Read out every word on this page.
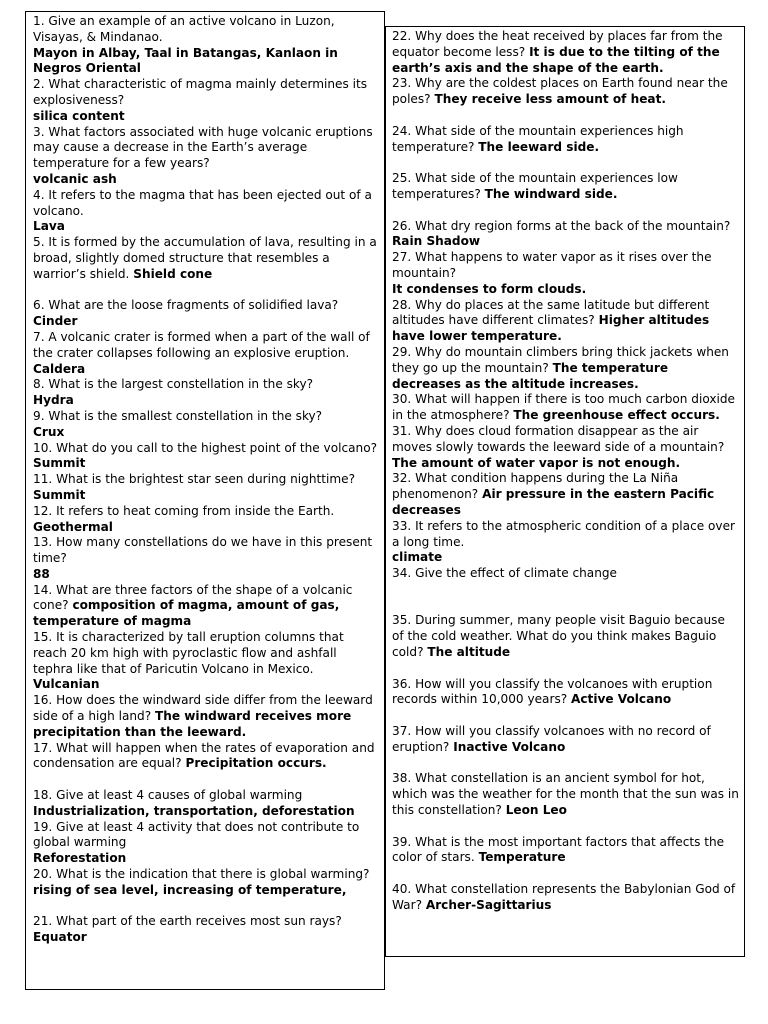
1. Give an example of an active volcano in Luzon, Visayas, & Mindanao.
Mayon in Albay, Taal in Batangas, Kanlaon in Negros Oriental
2. What characteristic of magma mainly determines its explosiveness?
silica content
3. What factors associated with huge volcanic eruptions may cause a decrease in the Earth’s average temperature for a few years?
volcanic ash
4. It refers to the magma that has been ejected out of a volcano.
Lava
5. It is formed by the accumulation of lava, resulting in a broad, slightly domed structure that resembles a warrior’s shield. Shield cone
6. What are the loose fragments of solidified lava?
Cinder
7. A volcanic crater is formed when a part of the wall of the crater collapses following an explosive eruption.
Caldera
8. What is the largest constellation in the sky?
Hydra
9. What is the smallest constellation in the sky?
Crux
10. What do you call to the highest point of the volcano?
Summit
11. What is the brightest star seen during nighttime?
Summit
12. It refers to heat coming from inside the Earth.
Geothermal
13. How many constellations do we have in this present time?
88
14. What are three factors of the shape of a volcanic cone? composition of magma, amount of gas, temperature of magma
15. It is characterized by tall eruption columns that reach 20 km high with pyroclastic flow and ashfall tephra like that of Paricutin Volcano in Mexico.
Vulcanian
16. How does the windward side differ from the leeward side of a high land? The windward receives more precipitation than the leeward.
17. What will happen when the rates of evaporation and condensation are equal? Precipitation occurs.
18. Give at least 4 causes of global warming
Industrialization, transportation, deforestation
19. Give at least 4 activity that does not contribute to global warming
Reforestation
20. What is the indication that there is global warming? rising of sea level, increasing of temperature,
21. What part of the earth receives most sun rays?
Equator
22. Why does the heat received by places far from the equator become less? It is due to the tilting of the earth’s axis and the shape of the earth.
23. Why are the coldest places on Earth found near the poles? They receive less amount of heat.
24. What side of the mountain experiences high temperature? The leeward side.
25. What side of the mountain experiences low temperatures? The windward side.
26. What dry region forms at the back of the mountain?
Rain Shadow
27. What happens to water vapor as it rises over the mountain?
It condenses to form clouds.
28. Why do places at the same latitude but different altitudes have different climates? Higher altitudes have lower temperature.
29. Why do mountain climbers bring thick jackets when they go up the mountain? The temperature decreases as the altitude increases.
30. What will happen if there is too much carbon dioxide in the atmosphere? The greenhouse effect occurs.
31. Why does cloud formation disappear as the air moves slowly towards the leeward side of a mountain?
The amount of water vapor is not enough.
32. What condition happens during the La Niña phenomenon? Air pressure in the eastern Pacific decreases
33. It refers to the atmospheric condition of a place over a long time.
climate
34. Give the effect of climate change
35. During summer, many people visit Baguio because of the cold weather. What do you think makes Baguio cold? The altitude
36. How will you classify the volcanoes with eruption records within 10,000 years? Active Volcano
37. How will you classify volcanoes with no record of eruption? Inactive Volcano
38. What constellation is an ancient symbol for hot, which was the weather for the month that the sun was in this constellation? Leon Leo
39. What is the most important factors that affects the color of stars. Temperature
40. What constellation represents the Babylonian God of War? Archer-Sagittarius
